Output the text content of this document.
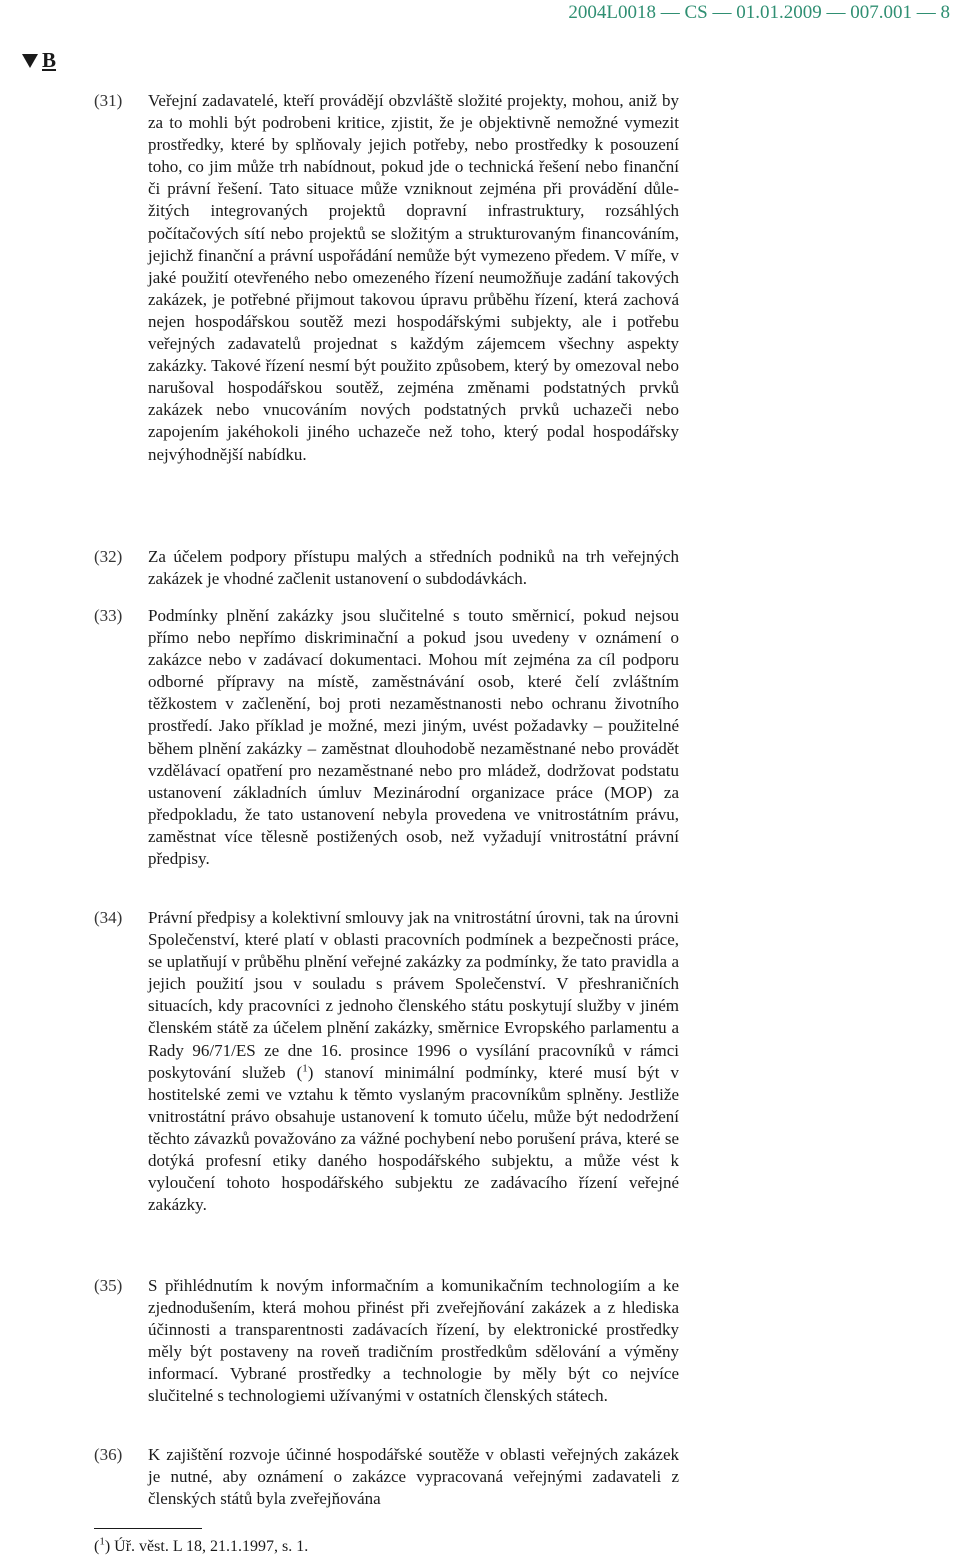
2004L0018 — CS — 01.01.2009 — 007.001 — 8
B
(31) Veřejní zadavatelé, kteří provádějí obzvláště složité projekty, mohou, aniž by za to mohli být podrobeni kritice, zjistit, že je objektivně nemožné vymezit prostředky, které by splňovaly jejich potřeby, nebo prostředky k posouzení toho, co jim může trh nabídnout, pokud jde o technická řešení nebo finanční či právní řešení. Tato situace může vzniknout zejména při provádění důležitých integrovaných projektů dopravní infrastruktury, rozsáhlých počítačových sítí nebo projektů se složitým a strukturovaným financováním, jejichž finanční a právní uspořádání nemůže být vymezeno předem. V míře, v jaké použití otevřeného nebo omezeného řízení neumožňuje zadání takových zakázek, je potřebné přijmout takovou úpravu průběhu řízení, která zachová nejen hospodářskou soutěž mezi hospodářskými subjekty, ale i potřebu veřejných zadavatelů projednat s každým zájemcem všechny aspekty zakázky. Takové řízení nesmí být použito způsobem, který by omezoval nebo narušoval hospodářskou soutěž, zejména změnami podstatných prvků zakázek nebo vnucováním nových podstatných prvků uchazeči nebo zapojením jakéhokoli jiného uchazeče než toho, který podal hospodářsky nejvýhodnější nabídku.
(32) Za účelem podpory přístupu malých a středních podniků na trh veřejných zakázek je vhodné začlenit ustanovení o subdodávkách.
(33) Podmínky plnění zakázky jsou slučitelné s touto směrnicí, pokud nejsou přímo nebo nepřímo diskriminační a pokud jsou uvedeny v oznámení o zakázce nebo v zadávací dokumentaci. Mohou mít zejména za cíl podporu odborné přípravy na místě, zaměstnávání osob, které čelí zvláštním těžkostem v začlenění, boj proti nezaměstnanosti nebo ochranu životního prostředí. Jako příklad je možné, mezi jiným, uvést požadavky – použitelné během plnění zakázky – zaměstnat dlouhodobě nezaměstnané nebo provádět vzdělávací opatření pro nezaměstnané nebo pro mládež, dodržovat podstatu ustanovení základních úmluv Mezinárodní organizace práce (MOP) za předpokladu, že tato ustanovení nebyla provedena ve vnitrostátním právu, zaměstnat více tělesně postižených osob, než vyžadují vnitrostátní právní předpisy.
(34) Právní předpisy a kolektivní smlouvy jak na vnitrostátní úrovni, tak na úrovni Společenství, které platí v oblasti pracovních podmínek a bezpečnosti práce, se uplatňují v průběhu plnění veřejné zakázky za podmínky, že tato pravidla a jejich použití jsou v souladu s právem Společenství. V přeshraničních situacích, kdy pracovníci z jednoho členského státu poskytují služby v jiném členském státě za účelem plnění zakázky, směrnice Evropského parlamentu a Rady 96/71/ES ze dne 16. prosince 1996 o vysílání pracovníků v rámci poskytování služeb ($^1$) stanoví minimální podmínky, které musí být v hostitelské zemi ve vztahu k těmto vyslaným pracovníkům splněny. Jestliže vnitrostátní právo obsahuje ustanovení k tomuto účelu, může být nedodržení těchto závazků považováno za vážné pochybení nebo porušení práva, které se dotýká profesní etiky daného hospodářského subjektu, a může vést k vyloučení tohoto hospodářského subjektu ze zadávacího řízení veřejné zakázky.
(35) S přihlédnutím k novým informačním a komunikačním technologiím a ke zjednodušením, která mohou přinést při zveřejňování zakázek a z hlediska účinnosti a transparentnosti zadávacích řízení, by elektronické prostředky měly být postaveny na roveň tradičním prostředkům sdělování a výměny informací. Vybrané prostředky a technologie by měly být co nejvíce slučitelné s technologiemi užívanými v ostatních členských státech.
(36) K zajištění rozvoje účinné hospodářské soutěže v oblasti veřejných zakázek je nutné, aby oznámení o zakázce vypracovaná veřejnými zadavateli z členských států byla zveřejňována
($^1$) Úř. věst. L 18, 21.1.1997, s. 1.
